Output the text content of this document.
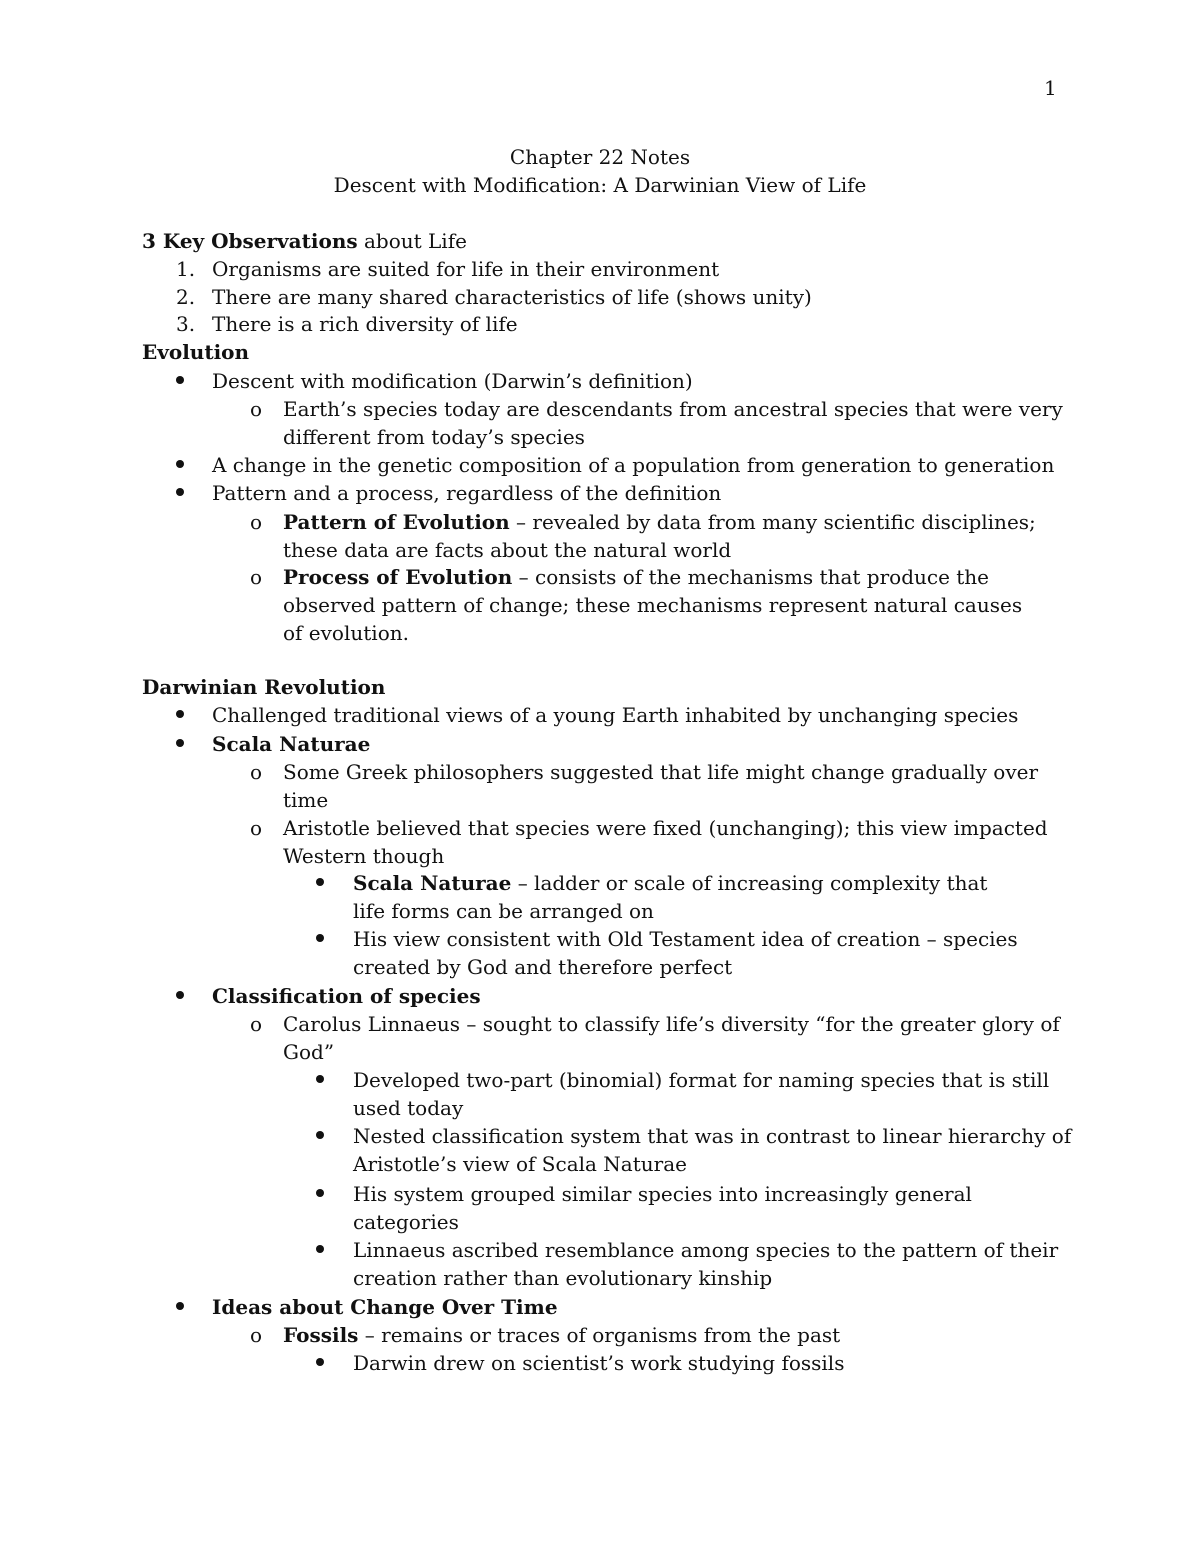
1
Chapter 22 Notes
Descent with Modification: A Darwinian View of Life
3 Key Observations about Life
1. Organisms are suited for life in their environment
2. There are many shared characteristics of life (shows unity)
3. There is a rich diversity of life
Evolution
Descent with modification (Darwin’s definition)
o Earth’s species today are descendants from ancestral species that were very different from today’s species
A change in the genetic composition of a population from generation to generation
Pattern and a process, regardless of the definition
o Pattern of Evolution – revealed by data from many scientific disciplines; these data are facts about the natural world
o Process of Evolution – consists of the mechanisms that produce the observed pattern of change; these mechanisms represent natural causes of evolution.
Darwinian Revolution
Challenged traditional views of a young Earth inhabited by unchanging species
Scala Naturae
o Some Greek philosophers suggested that life might change gradually over time
o Aristotle believed that species were fixed (unchanging); this view impacted Western though
Scala Naturae – ladder or scale of increasing complexity that life forms can be arranged on
His view consistent with Old Testament idea of creation – species created by God and therefore perfect
Classification of species
o Carolus Linnaeus – sought to classify life’s diversity “for the greater glory of God”
Developed two-part (binomial) format for naming species that is still used today
Nested classification system that was in contrast to linear hierarchy of Aristotle’s view of Scala Naturae
His system grouped similar species into increasingly general categories
Linnaeus ascribed resemblance among species to the pattern of their creation rather than evolutionary kinship
Ideas about Change Over Time
o Fossils – remains or traces of organisms from the past
Darwin drew on scientist’s work studying fossils
